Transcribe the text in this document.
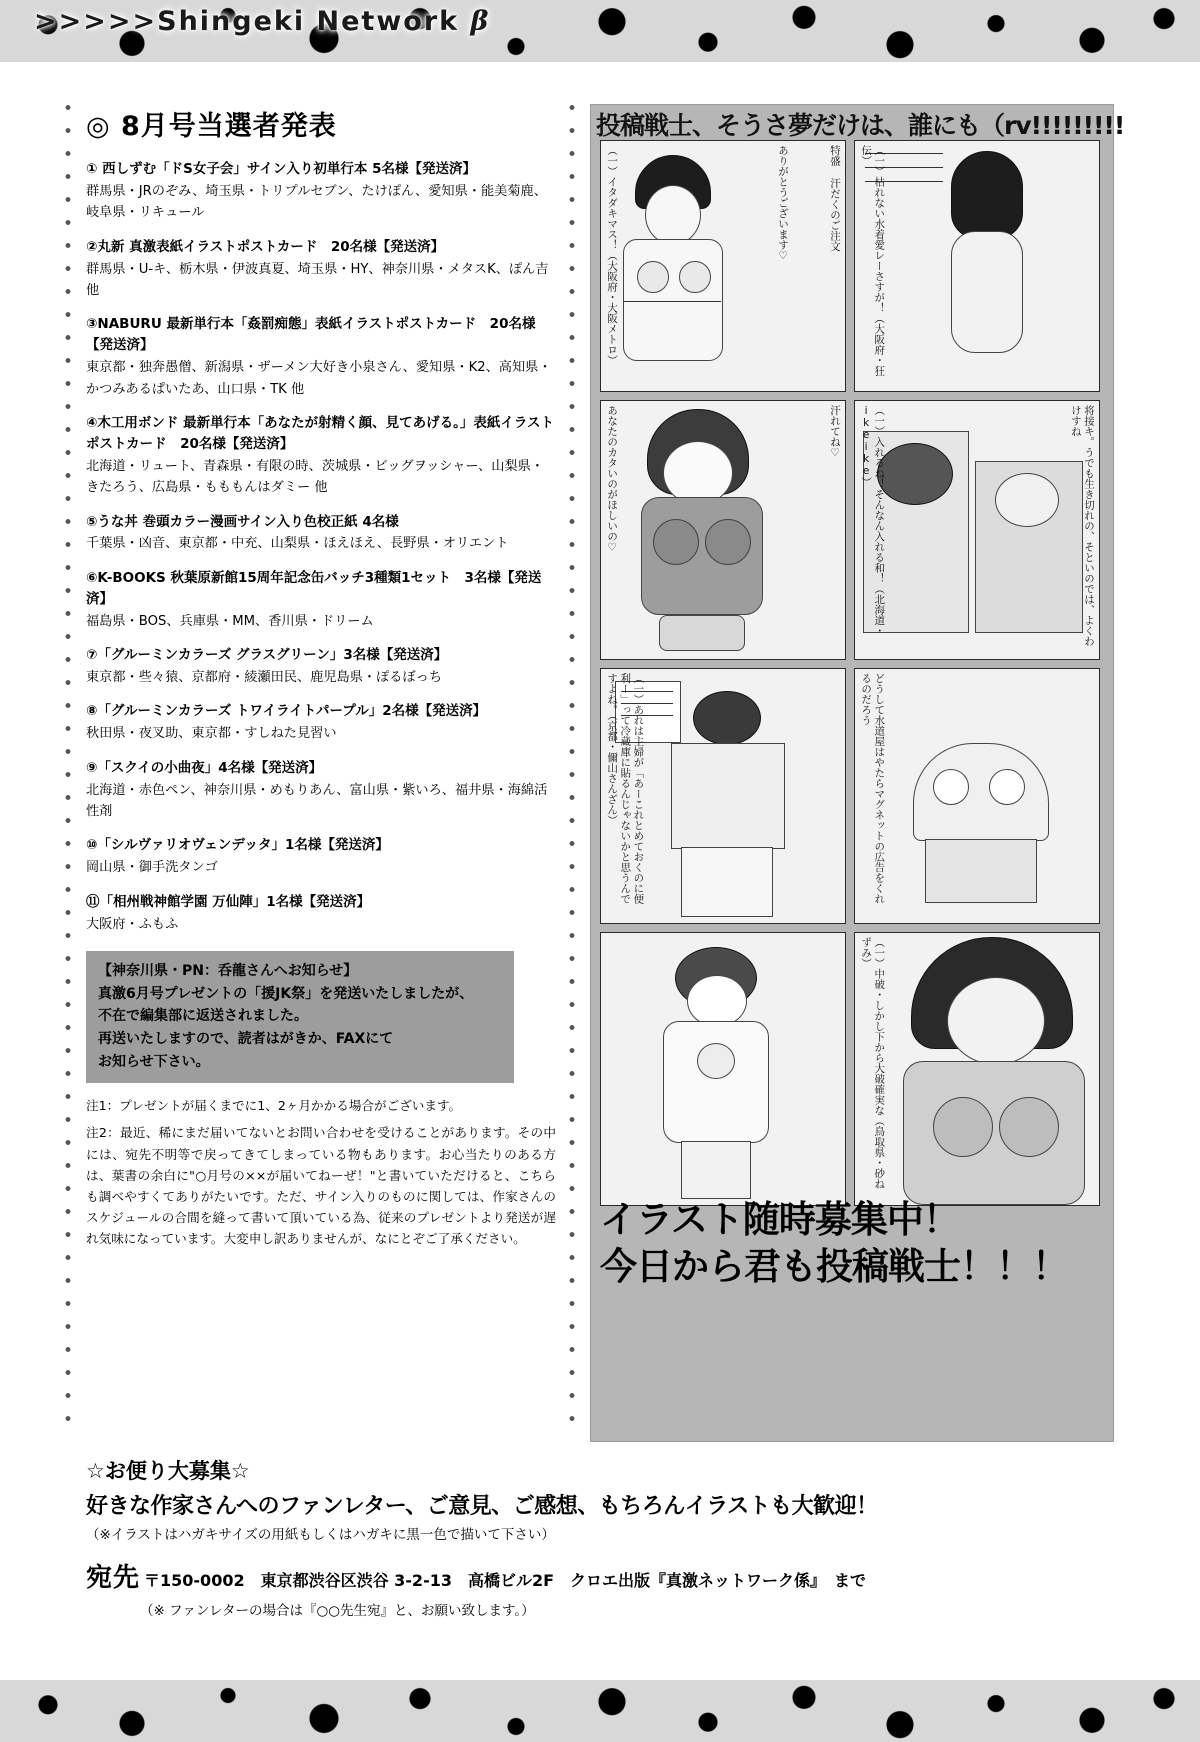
>>>>>Shingeki Network β
◎ 8月号当選者発表

① 西しずむ「ドS女子会」サイン入り初単行本 5名様【発送済】

群馬県・JRのぞみ、埼玉県・トリプルセブン、たけぽん、愛知県・能美菊鹿、岐阜県・リキュール

②丸新 真激表紙イラストポストカード　20名様【発送済】

群馬県・U-キ、栃木県・伊波真夏、埼玉県・HY、神奈川県・メタスK、ぽん吉 他

③NABURU 最新単行本「姦罰痴態」表紙イラストポストカード　20名様【発送済】

東京都・独奔愚僧、新潟県・ザーメン大好き小泉さん、愛知県・K2、高知県・かつみあるぱいたあ、山口県・TK 他

④木工用ボンド 最新単行本「あなたが射精く顔、見てあげる。」表紙イラストポストカード　20名様【発送済】

北海道・リュート、青森県・有限の時、茨城県・ビッグヲッシャー、山梨県・きたろう、広島県・もももんはダミー 他

⑤うな丼 巻頭カラー漫画サイン入り色校正紙 4名様

千葉県・凶音、東京都・中充、山梨県・ほえほえ、長野県・オリエント

⑥K-BOOKS 秋葉原新館15周年記念缶バッチ3種類1セット　3名様【発送済】

福島県・BOS、兵庫県・MM、香川県・ドリーム

⑦「グルーミンカラーズ グラスグリーン」3名様【発送済】

東京都・些々猿、京都府・綾瀬田民、鹿児島県・ぽるぼっち

⑧「グルーミンカラーズ トワイライトパープル」2名様【発送済】

秋田県・夜叉助、東京都・すしねた見習い

⑨「スクイの小曲夜」4名様【発送済】

北海道・赤色ペン、神奈川県・めもりあん、富山県・紫いろ、福井県・海綿活性剤

⑩「シルヴァリオヴェンデッタ」1名様【発送済】

岡山県・御手洗タンゴ

⑪「相州戦神館学園 万仙陣」1名様【発送済】

大阪府・ふもふ

【神奈川県・PN：呑龍さんへお知らせ】
真激6月号プレゼントの「援JK祭」を発送いたしましたが、
不在で編集部に返送されました。
再送いたしますので、読者はがきか、FAXにて
お知らせ下さい。

注1：プレゼントが届くまでに1、2ヶ月かかる場合がございます。

注2：最近、稀にまだ届いてないとお問い合わせを受けることがあります。その中には、宛先不明等で戻ってきてしまっている物もあります。お心当たりのある方は、葉書の余白に"○月号の××が届いてねーぜ！"と書いていただけると、こちらも調べやすくてありがたいです。ただ、サイン入りのものに関しては、作家さんのスケジュールの合間を縫って書いて頂いている為、従来のプレゼントより発送が遅れ気味になっています。大変申し訳ありませんが、なにとぞご了承ください。

投稿戦士、そうさ夢だけは、誰にも（rv!!!!!!!!!
（一）イタダキマス！（大阪府・大阪メトロ）	ありがとうございます♡	特盛 汗だくのご注文	（一）枯れない水着愛レーさすが！（大阪府・狂伝）
あなたのカタいのがほしいの♡	汗れてね♡	（一）入れるね！そんなん入れる和！（北海道・ikeike）	将接キ。うでも生き切れの、そといのでは、よくわけすね
（一）あれは主婦が「あーこれとめておくのに便利ー」って冷蔵庫に貼るんじゃないかと思うんですよね。（京都・儞山さんざん）	どうして水道屋はやたらマグネットの広告をくれるのだろう
（一）中破・しかし下から大破確実な（鳥取県・砂ねずみ）
イラスト随時募集中！
今日から君も投稿戦士！！！
☆お便り大募集☆
好きな作家さんへのファンレター、ご意見、ご感想、もちろんイラストも大歓迎！
（※イラストはハガキサイズの用紙もしくはハガキに黒一色で描いて下さい）
宛先 〒150-0002　東京都渋谷区渋谷 3-2-13　高橋ビル2F　クロエ出版『真激ネットワーク係』　まで
（※ ファンレターの場合は『○○先生宛』と、お願い致します。）
